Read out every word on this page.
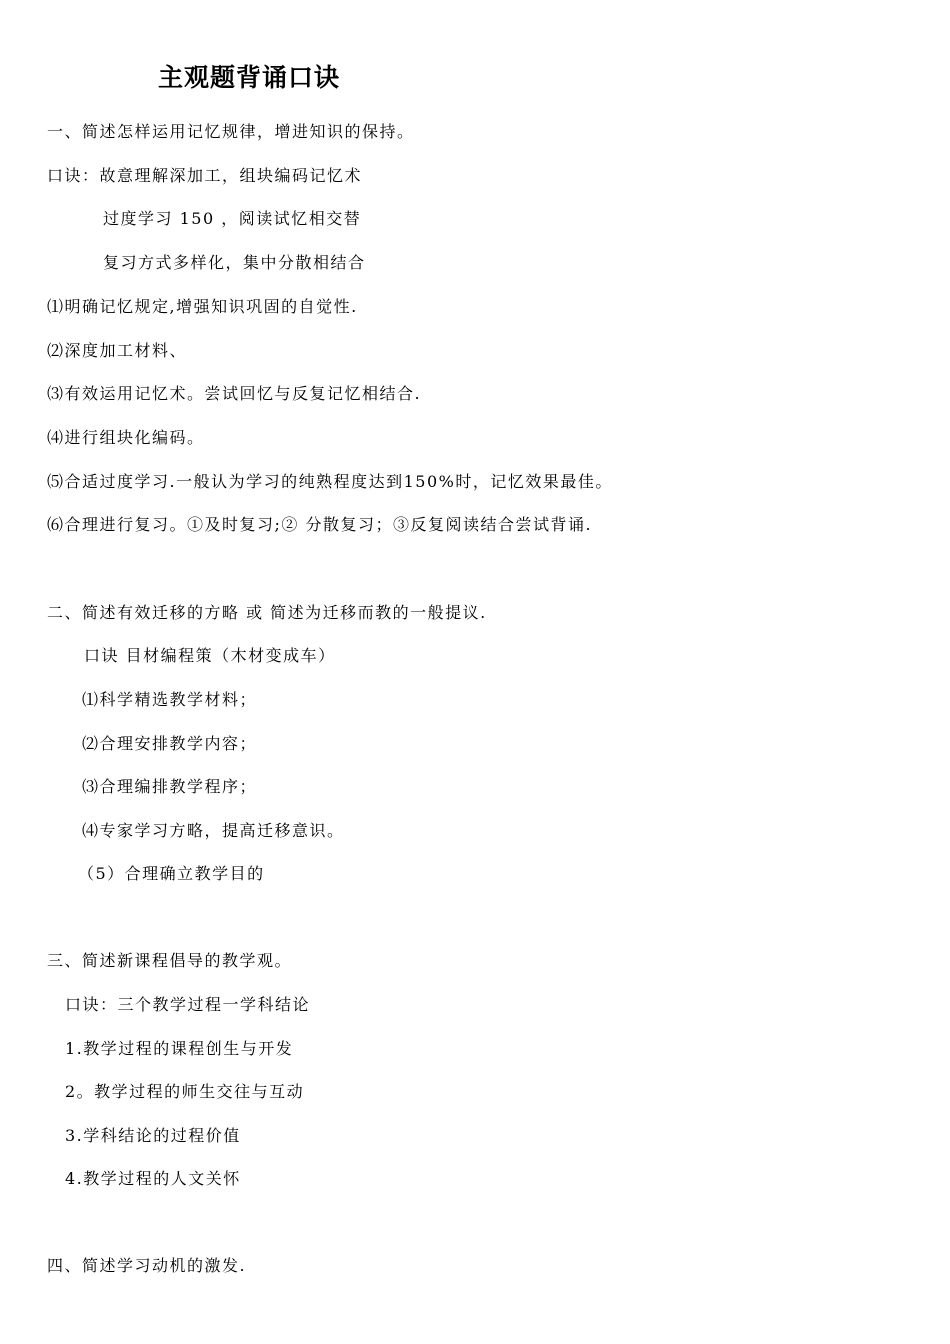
主观题背诵口诀
一、简述怎样运用记忆规律，增进知识的保持。
口诀：故意理解深加工，组块编码记忆术
过度学习 150 ，阅读试忆相交替
复习方式多样化，集中分散相结合
⑴明确记忆规定,增强知识巩固的自觉性.
⑵深度加工材料、
⑶有效运用记忆术。尝试回忆与反复记忆相结合.
⑷进行组块化编码。
⑸合适过度学习.一般认为学习的纯熟程度达到150%时，记忆效果最佳。
⑹合理进行复习。①及时复习;② 分散复习；③反复阅读结合尝试背诵.
二、简述有效迁移的方略 或 简述为迁移而教的一般提议.
口诀 目材编程策（木材变成车）
⑴科学精选教学材料；
⑵合理安排教学内容；
⑶合理编排教学程序；
⑷专家学习方略，提高迁移意识。
（5）合理确立教学目的
三、简述新课程倡导的教学观。
口诀：三个教学过程一学科结论
1.教学过程的课程创生与开发
2。教学过程的师生交往与互动
3.学科结论的过程价值
4.教学过程的人文关怀
四、简述学习动机的激发.
